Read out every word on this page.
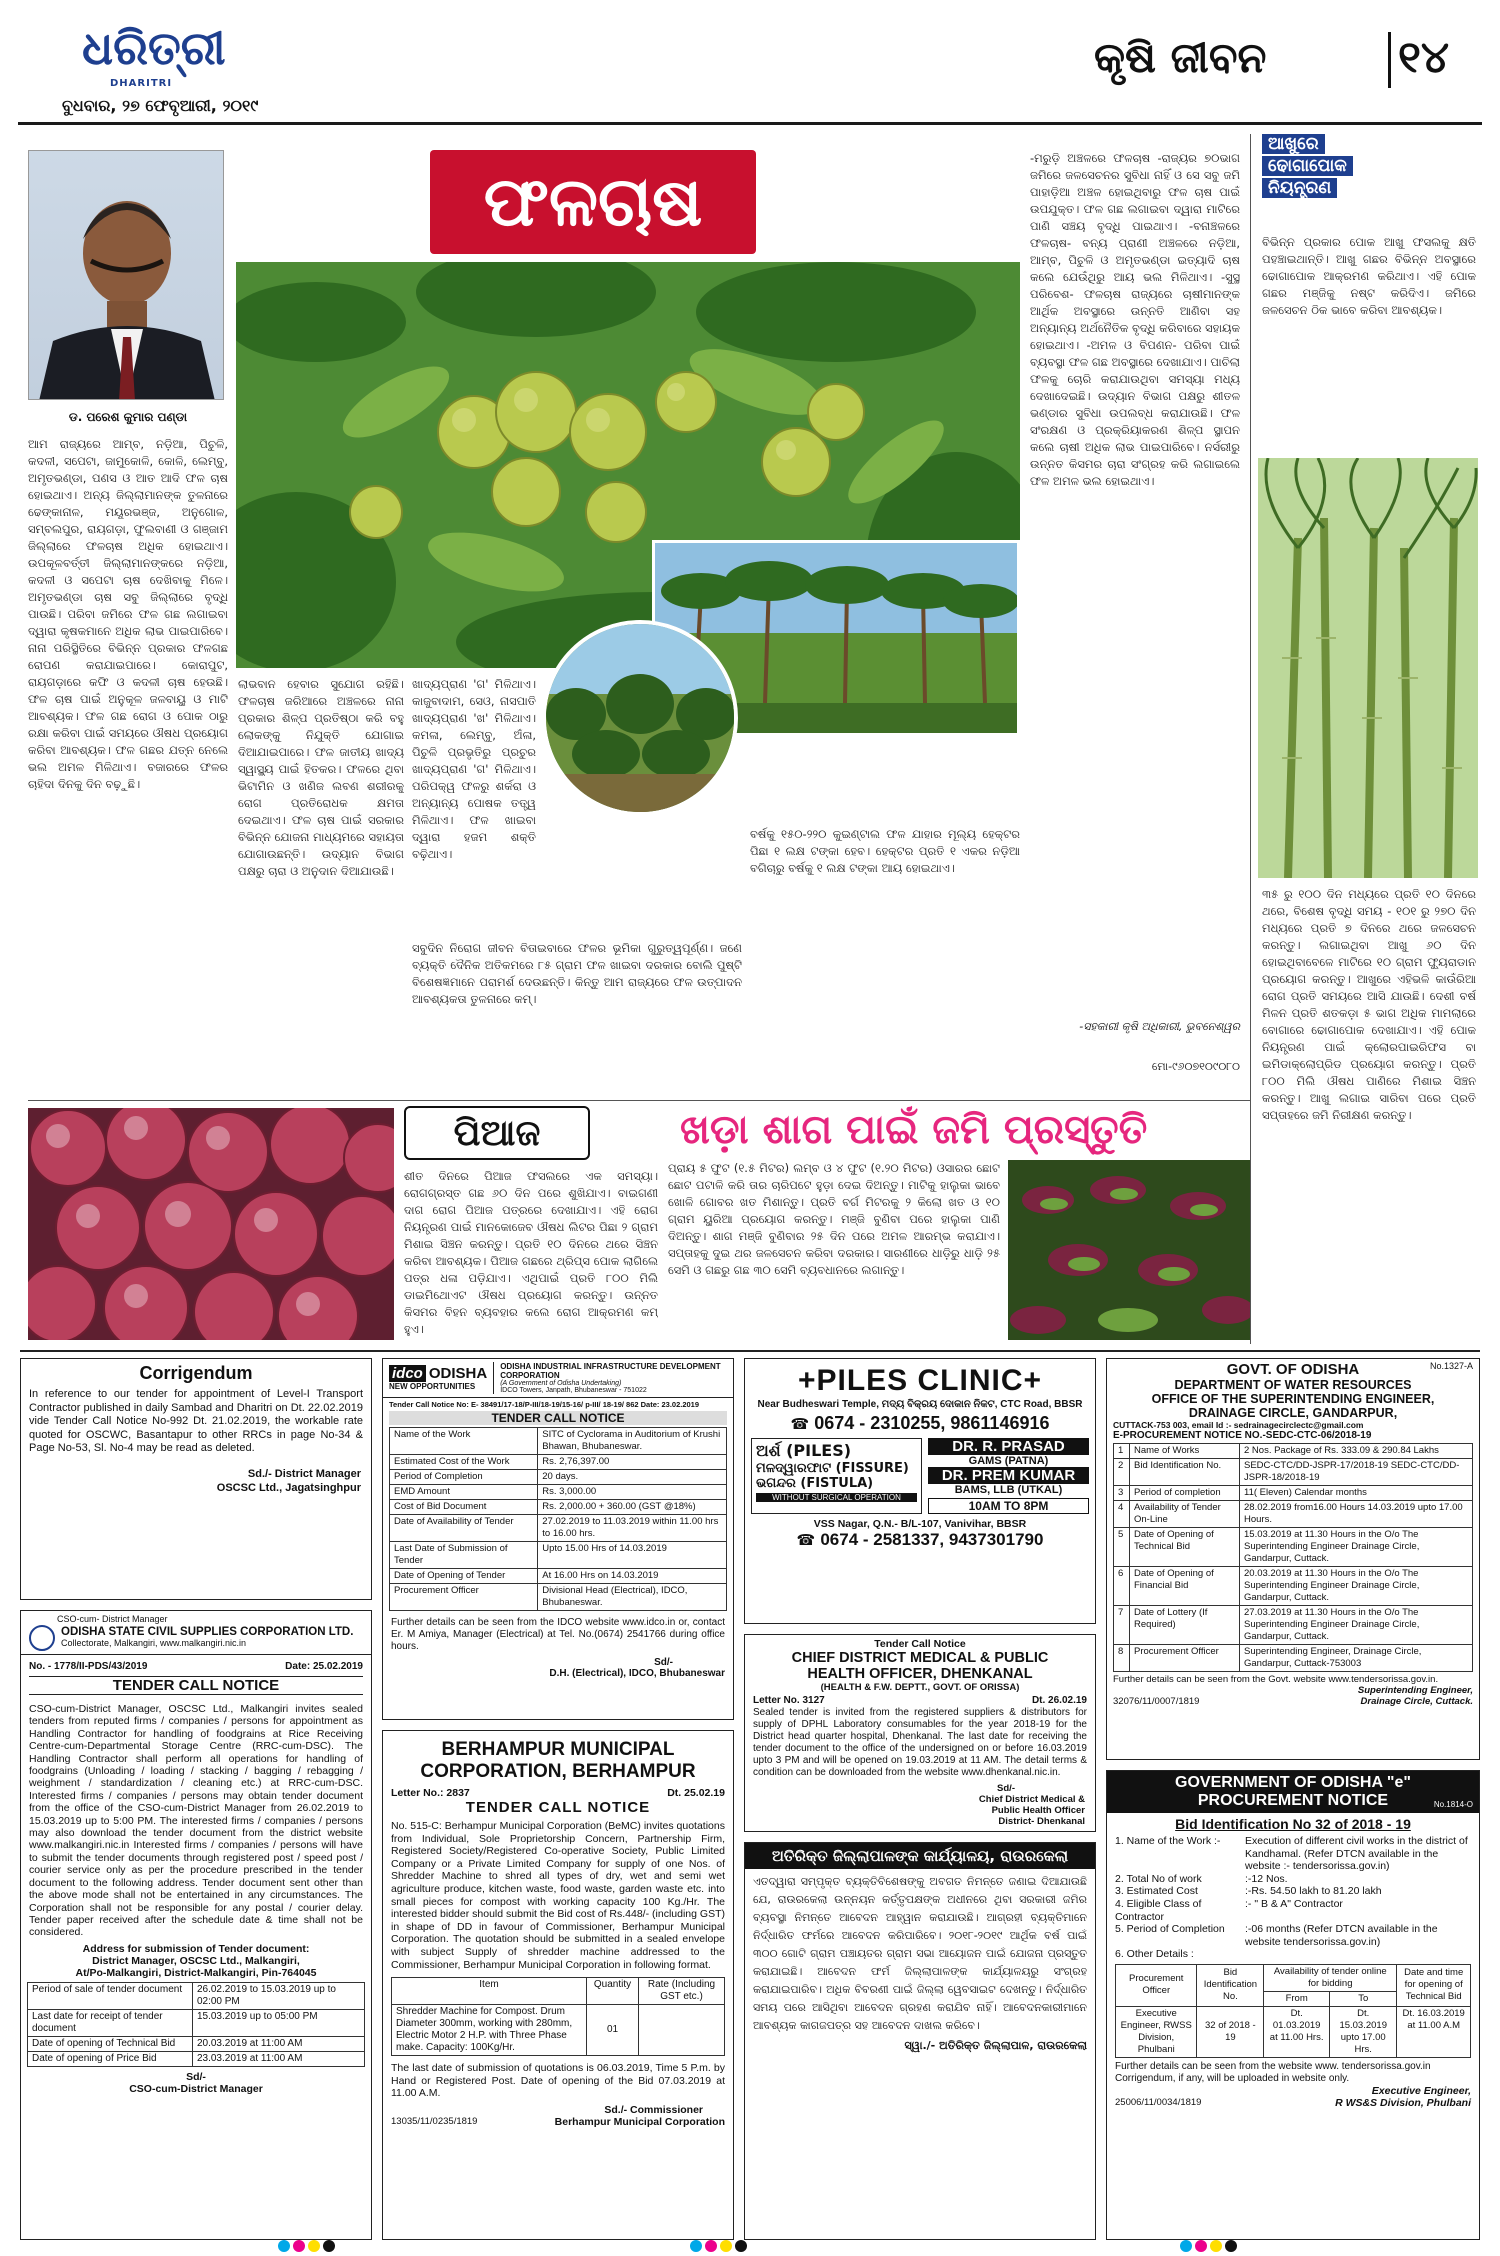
ଧରିତ୍ରୀ
DHARITRI
ବୁଧବାର, ୨୭ ଫେବୃଆରୀ, ୨୦୧୯
କୃଷି ଜୀବନ	୧୪
ଡ. ପରେଶ କୁମାର ପଣ୍ଡା
ଫଳଚାଷ
ଆମ ରାଜ୍ୟରେ ଆମ୍ବ, ନଡ଼ିଆ, ପିଚୁଳି, କଦଳୀ, ସପେଟା, ଜାମୁକୋଳି, କୋଳି, ଲେମ୍ବୁ, ଅମୃତଭଣ୍ଡା, ପଣସ ଓ ଆତ ଆଦି ଫଳ ଚାଷ ହୋଇଥାଏ। ଅନ୍ୟ ଜିଲ୍ଲାମାନଙ୍କ ତୁଳନାରେ ଢେଙ୍କାନାଳ, ମୟୂରଭଞ୍ଜ, ଅନୁଗୋଳ, ସମ୍ବଲପୁର, ରାୟଗଡ଼ା, ଫୁଲବାଣୀ ଓ ଗଞ୍ଜାମ ଜିଲ୍ଲାରେ ଫଳଚାଷ ଅଧିକ ହୋଇଥାଏ। ଉପକୂଳବର୍ତ୍ତୀ ଜିଲ୍ଲାମାନଙ୍କରେ ନଡ଼ିଆ, କଦଳୀ ଓ ସପେଟା ଚାଷ ଦେଖିବାକୁ ମିଳେ। ଅମୃତଭଣ୍ଡା ଚାଷ ସବୁ ଜିଲ୍ଲାରେ ବୃଦ୍ଧି ପାଉଛି। ପରିବା ଜମିରେ ଫଳ ଗଛ ଲଗାଇବା ଦ୍ୱାରା କୃଷକମାନେ ଅଧିକ ଲାଭ ପାଇପାରିବେ। ନାନା ପରିସ୍ଥିତିରେ ବିଭିନ୍ନ ପ୍ରକାର ଫଳଗଛ ରୋପଣ କରାଯାଇପାରେ। କୋରାପୁଟ, ରାୟଗଡ଼ାରେ କଫି ଓ କଦଳୀ ଚାଷ ହେଉଛି। ଫଳ ଚାଷ ପାଇଁ ଅନୁକୂଳ ଜଳବାୟୁ ଓ ମାଟି ଆବଶ୍ୟକ। ଫଳ ଗଛ ରୋଗ ଓ ପୋକ ଠାରୁ ରକ୍ଷା କରିବା ପାଇଁ ସମୟରେ ଔଷଧ ପ୍ରୟୋଗ କରିବା ଆବଶ୍ୟକ। ଫଳ ଗଛର ଯତ୍ନ ନେଲେ ଭଲ ଅମଳ ମିଳିଥାଏ। ବଜାରରେ ଫଳର ଚାହିଦା ଦିନକୁ ଦିନ ବଢ଼ୁଛି।
ଲାଭବାନ ହେବାର ସୁଯୋଗ ରହିଛି। ଫଳଚାଷ ଜରିଆରେ ଅଞ୍ଚଳରେ ନାନା ପ୍ରକାର ଶିଳ୍ପ ପ୍ରତିଷ୍ଠା କରି ବହୁ ଲୋକଙ୍କୁ ନିଯୁକ୍ତି ଯୋଗାଇ ଦିଆଯାଇପାରେ। ଫଳ ଜାତୀୟ ଖାଦ୍ୟ ସ୍ୱାସ୍ଥ୍ୟ ପାଇଁ ହିତକର। ଫଳରେ ଥିବା ଭିଟାମିନ ଓ ଖଣିଜ ଲବଣ ଶରୀରକୁ ରୋଗ ପ୍ରତିରୋଧକ କ୍ଷମତା ଦେଇଥାଏ। ଫଳ ଚାଷ ପାଇଁ ସରକାର ବିଭିନ୍ନ ଯୋଜନା ମାଧ୍ୟମରେ ସହାୟତା ଯୋଗାଉଛନ୍ତି। ଉଦ୍ୟାନ ବିଭାଗ ପକ୍ଷରୁ ଚାରା ଓ ଅନୁଦାନ ଦିଆଯାଉଛି।
ଖାଦ୍ୟପ୍ରାଣ 'ଗ' ମିଳିଥାଏ। କାଜୁବାଦାମ, ସେଓ, ନାସପାତି ଖାଦ୍ୟପ୍ରାଣ 'ଖ' ମିଳିଥାଏ। କମଳା, ଲେମ୍ବୁ, ଅଁଳା, ପିଚୁଳି ପ୍ରଭୃତିରୁ ପ୍ରଚୁର ଖାଦ୍ୟପ୍ରାଣ 'ଗ' ମିଳିଥାଏ। ପରିପକ୍ୱ ଫଳରୁ ଶର୍କରା ଓ ଅନ୍ୟାନ୍ୟ ପୋଷକ ତତ୍ତ୍ୱ ମିଳିଥାଏ। ଫଳ ଖାଇବା ଦ୍ୱାରା ହଜମ ଶକ୍ତି ବଢ଼ିଥାଏ।
ସବୁଦିନ ନିରୋଗ ଜୀବନ ବିତାଇବାରେ ଫଳର ଭୂମିକା ଗୁରୁତ୍ୱପୂର୍ଣ୍ଣ। ଜଣେ ବ୍ୟକ୍ତି ଦୈନିକ ଅତିକମରେ ୮୫ ଗ୍ରାମ ଫଳ ଖାଇବା ଦରକାର ବୋଲି ପୁଷ୍ଟି ବିଶେଷଜ୍ଞମାନେ ପରାମର୍ଶ ଦେଉଛନ୍ତି। କିନ୍ତୁ ଆମ ରାଜ୍ୟରେ ଫଳ ଉତ୍ପାଦନ ଆବଶ୍ୟକତା ତୁଳନାରେ କମ୍।
ବର୍ଷକୁ ୧୫୦-୨୨୦ କୁଇଣ୍ଟାଲ ଫଳ ଯାହାର ମୂଲ୍ୟ ହେକ୍ଟର ପିଛା ୧ ଲକ୍ଷ ଟଙ୍କା ହେବ। ହେକ୍ଟର ପ୍ରତି ୧ ଏକର ନଡ଼ିଆ ବଗିଚାରୁ ବର୍ଷକୁ ୧ ଲକ୍ଷ ଟଙ୍କା ଆୟ ହୋଇଥାଏ।
-ମରୁଡ଼ି ଅଞ୍ଚଳରେ ଫଳଚାଷ -ରାଜ୍ୟର ୭୦ଭାଗ ଜମିରେ ଜଳସେଚନର ସୁବିଧା ନାହିଁ ଓ ସେ ସବୁ ଜମି ପାହାଡ଼ିଆ ଅଞ୍ଚଳ ହୋଇଥିବାରୁ ଫଳ ଚାଷ ପାଇଁ ଉପଯୁକ୍ତ। ଫଳ ଗଛ ଲଗାଇବା ଦ୍ୱାରା ମାଟିରେ ପାଣି ସଞ୍ଚୟ ବୃଦ୍ଧି ପାଇଥାଏ। -ବନାଞ୍ଚଳରେ ଫଳଚାଷ- ବନ୍ୟ ପ୍ରାଣୀ ଅଞ୍ଚଳରେ ନଡ଼ିଆ, ଆମ୍ବ, ପିଚୁଳି ଓ ଅମୃତଭଣ୍ଡା ଇତ୍ୟାଦି ଚାଷ କଲେ ଯେଉଁଥିରୁ ଆୟ ଭଲ ମିଳିଥାଏ। -ସୁସ୍ଥ ପରିବେଶ- ଫଳଚାଷ ରାଜ୍ୟରେ ଚାଷୀମାନଙ୍କ ଆର୍ଥିକ ଅବସ୍ଥାରେ ଉନ୍ନତି ଆଣିବା ସହ ଅନ୍ୟାନ୍ୟ ଅର୍ଥନୈତିକ ବୃଦ୍ଧି କରିବାରେ ସହାୟକ ହୋଇଥାଏ। -ଅମଳ ଓ ବିପଣନ- ପରିବା ପାଇଁ ବ୍ୟବସ୍ଥା ଫଳ ଗଛ ଅବସ୍ଥାରେ ଦେଖାଯାଏ। ପାଚିଲା ଫଳକୁ ଚୋରି କରାଯାଉଥିବା ସମସ୍ୟା ମଧ୍ୟ ଦେଖାଦେଇଛି। ଉଦ୍ୟାନ ବିଭାଗ ପକ୍ଷରୁ ଶୀତଳ ଭଣ୍ଡାର ସୁବିଧା ଉପଲବ୍ଧ କରାଯାଉଛି। ଫଳ ସଂରକ୍ଷଣ ଓ ପ୍ରକ୍ରିୟାକରଣ ଶିଳ୍ପ ସ୍ଥାପନ କଲେ ଚାଷୀ ଅଧିକ ଲାଭ ପାଇପାରିବେ। ନର୍ସରୀରୁ ଉନ୍ନତ କିସମର ଚାରା ସଂଗ୍ରହ କରି ଲଗାଇଲେ ଫଳ ଅମଳ ଭଲ ହୋଇଥାଏ।
-ସହକାରୀ କୃଷି ଅଧିକାରୀ, ଭୁବନେଶ୍ୱର
ମୋ-୯୬୦୭୧୦୯୦୮୦
ଆଖୁରେ ଢୋଗାପୋକ ନିୟନ୍ତ୍ରଣ
ବିଭିନ୍ନ ପ୍ରକାର ପୋକ ଆଖୁ ଫସଲକୁ କ୍ଷତି ପହଞ୍ଚାଇଥାନ୍ତି। ଆଖୁ ଗଛର ବିଭିନ୍ନ ଅବସ୍ଥାରେ ଢୋଗାପୋକ ଆକ୍ରମଣ କରିଥାଏ। ଏହି ପୋକ ଗଛର ମଞ୍ଜିକୁ ନଷ୍ଟ କରିଦିଏ। ଜମିରେ ଜଳସେଚନ ଠିକ ଭାବେ କରିବା ଆବଶ୍ୟକ।
୩୫ ରୁ ୧୦୦ ଦିନ ମଧ୍ୟରେ ପ୍ରତି ୧୦ ଦିନରେ ଥରେ, ବିଶେଷ ବୃଦ୍ଧି ସମୟ - ୧୦୧ ରୁ ୨୭୦ ଦିନ ମଧ୍ୟରେ ପ୍ରତି ୭ ଦିନରେ ଥରେ ଜଳସେଚନ କରନ୍ତୁ। ଲଗାଇଥିବା ଆଖୁ ୬୦ ଦିନ ହୋଇଥିବାବେଳେ ମାଟିରେ ୧୦ ଗ୍ରାମ ଫ୍ୟୁରାଡାନ ପ୍ରୟୋଗ କରନ୍ତୁ। ଆଖୁରେ ଏହିଭଳି କାଉଁରିଆ ରୋଗ ପ୍ରତି ସମୟରେ ଆସି ଯାଉଛି। ଦେଶୀ ବର୍ଷ ମିଳନ ପ୍ରତି ଶତକଡ଼ା ୫ ଭାଗ ଅଧିକ ମାମଲାରେ ବୋଗାରେ ଢୋଗାପୋକ ଦେଖାଯାଏ। ଏହି ପୋକ ନିୟନ୍ତ୍ରଣ ପାଇଁ କ୍ଲୋରପାଇରିଫସ ବା ଇମିଡାକ୍ଲୋପ୍ରିଡ ପ୍ରୟୋଗ କରନ୍ତୁ। ପ୍ରତି ୮୦୦ ମିଲି ଔଷଧ ପାଣିରେ ମିଶାଇ ସିଞ୍ଚନ କରନ୍ତୁ। ଆଖୁ ଲଗାଇ ସାରିବା ପରେ ପ୍ରତି ସପ୍ତାହରେ ଜମି ନିରୀକ୍ଷଣ କରନ୍ତୁ।
ପିଆଜ
ଶୀତ ଦିନରେ ପିଆଜ ଫସଲରେ ଏକ ସମସ୍ୟା। ରୋଗଗ୍ରସ୍ତ ଗଛ ୬୦ ଦିନ ପରେ ଶୁଖିଯାଏ। ବାଇଗଣୀ ଦାଗ ରୋଗ ପିଆଜ ପତ୍ରରେ ଦେଖାଯାଏ। ଏହି ରୋଗ ନିୟନ୍ତ୍ରଣ ପାଇଁ ମାନକୋଜେବ ଔଷଧ ଲିଟର ପିଛା ୨ ଗ୍ରାମ ମିଶାଇ ସିଞ୍ଚନ କରନ୍ତୁ। ପ୍ରତି ୧୦ ଦିନରେ ଥରେ ସିଞ୍ଚନ କରିବା ଆବଶ୍ୟକ। ପିଆଜ ଗଛରେ ଥ୍ରିପ୍ସ ପୋକ ଲାଗିଲେ ପତ୍ର ଧଳା ପଡ଼ିଯାଏ। ଏଥିପାଇଁ ପ୍ରତି ୮୦୦ ମିଲି ଡାଇମିଥୋଏଟ ଔଷଧ ପ୍ରୟୋଗ କରନ୍ତୁ। ଉନ୍ନତ କିସମର ବିହନ ବ୍ୟବହାର କଲେ ରୋଗ ଆକ୍ରମଣ କମ୍ ହୁଏ।
ଖଡ଼ା ଶାଗ ପାଇଁ ଜମି ପ୍ରସ୍ତୁତି
ପ୍ରାୟ ୫ ଫୁଟ (୧.୫ ମିଟର) ଲମ୍ବ ଓ ୪ ଫୁଟ (୧.୨୦ ମିଟର) ଓସାରର ଛୋଟ ଛୋଟ ପଟାଳି କରି ତାର ଚାରିପଟେ ହୁଡ଼ା ଦେଇ ଦିଅନ୍ତୁ। ମାଟିକୁ ହାଲୁକା ଭାବେ ଖୋଳି ଗୋବର ଖତ ମିଶାନ୍ତୁ। ପ୍ରତି ବର୍ଗ ମିଟରକୁ ୨ କିଲୋ ଖତ ଓ ୧୦ ଗ୍ରାମ ୟୁରିଆ ପ୍ରୟୋଗ କରନ୍ତୁ। ମଞ୍ଜି ବୁଣିବା ପରେ ହାଲୁକା ପାଣି ଦିଅନ୍ତୁ। ଶାଗ ମଞ୍ଜି ବୁଣିବାର ୨୫ ଦିନ ପରେ ଅମଳ ଆରମ୍ଭ କରାଯାଏ। ସପ୍ତାହକୁ ଦୁଇ ଥର ଜଳସେଚନ କରିବା ଦରକାର। ସାରଣୀରେ ଧାଡ଼ିରୁ ଧାଡ଼ି ୨୫ ସେମି ଓ ଗଛରୁ ଗଛ ୩୦ ସେମି ବ୍ୟବଧାନରେ ଲଗାନ୍ତୁ।
Corrigendum
In reference to our tender for appointment of Level-I Transport Contractor published in daily Sambad and Dharitri on Dt. 22.02.2019 vide Tender Call Notice No-992 Dt. 21.02.2019, the workable rate quoted for OSCWC, Basantapur to other RRCs in page No-34 & Page No-53, Sl. No-4 may be read as deleted.
Sd./- District Manager
OSCSC Ltd., Jagatsinghpur
CSO-cum- District Manager
ODISHA STATE CIVIL SUPPLIES CORPORATION LTD.
Collectorate, Malkangiri, www.malkangiri.nic.in
No. - 1778/II-PDS/43/2019	Date: 25.02.2019
TENDER CALL NOTICE
CSO-cum-District Manager, OSCSC Ltd., Malkangiri invites sealed tenders from reputed firms / companies / persons for appointment as Handling Contractor for handling of foodgrains at Rice Receiving Centre-cum-Departmental Storage Centre (RRC-cum-DSC). The Handling Contractor shall perform all operations for handling of foodgrains (Unloading / loading / stacking / bagging / rebagging / weighment / standardization / cleaning etc.) at RRC-cum-DSC. Interested firms / companies / persons may obtain tender document from the office of the CSO-cum-District Manager from 26.02.2019 to 15.03.2019 up to 5:00 PM. The interested firms / companies / persons may also download the tender document from the district website www.malkangiri.nic.in Interested firms / companies / persons will have to submit the tender documents through registered post / speed post / courier service only as per the procedure prescribed in the tender document to the following address. Tender document sent other than the above mode shall not be entertained in any circumstances. The Corporation shall not be responsible for any postal / courier delay. Tender paper received after the schedule date & time shall not be considered.
Address for submission of Tender document:
District Manager, OSCSC Ltd., Malkangiri,
At/Po-Malkangiri, District-Malkangiri, Pin-764045
Period of sale of tender document	26.02.2019 to 15.03.2019 up to 02:00 PM
Last date for receipt of tender document	15.03.2019 up to 05:00 PM
Date of opening of Technical Bid	20.03.2019 at 11:00 AM
Date of opening of Price Bid	23.03.2019 at 11:00 AM
Sd/-
CSO-cum-District Manager
idco ODISHA
NEW OPPORTUNITIES
ODISHA INDUSTRIAL INFRASTRUCTURE DEVELOPMENT CORPORATION
(A Government of Odisha Undertaking)
IDCO Towers, Janpath, Bhubaneswar - 751022
Tender Call Notice No: E- 38491/17-18/P-III/18-19/15-16/ p-III/ 18-19/ 862 Date: 23.02.2019
TENDER CALL NOTICE
Name of the Work	SITC of Cyclorama in Auditorium of Krushi Bhawan, Bhubaneswar.
Estimated Cost of the Work	Rs. 2,76,397.00
Period of Completion	20 days.
EMD Amount	Rs. 3,000.00
Cost of Bid Document	Rs. 2,000.00 + 360.00 (GST @18%)
Date of Availability of Tender	27.02.2019 to 11.03.2019 within 11.00 hrs to 16.00 hrs.
Last Date of Submission of Tender	Upto 15.00 Hrs of 14.03.2019
Date of Opening of Tender	At 16.00 Hrs on 14.03.2019
Procurement Officer	Divisional Head (Electrical), IDCO, Bhubaneswar.
Further details can be seen from the IDCO website www.idco.in or, contact Er. M Amiya, Manager (Electrical) at Tel. No.(0674) 2541766 during office hours.
Sd/-
D.H. (Electrical), IDCO, Bhubaneswar
BERHAMPUR MUNICIPAL
CORPORATION, BERHAMPUR
Letter No.: 2837	Dt. 25.02.19
TENDER CALL NOTICE
No. 515-C: Berhampur Municipal Corporation (BeMC) invites quotations from Individual, Sole Proprietorship Concern, Partnership Firm, Registered Society/Registered Co-operative Society, Public Limited Company or a Private Limited Company for supply of one Nos. of Shredder Machine to shred all types of dry, wet and semi wet agriculture produce, kitchen waste, food waste, garden waste etc. into small pieces for compost with working capacity 100 Kg./Hr. The interested bidder should submit the Bid cost of Rs.448/- (including GST) in shape of DD in favour of Commissioner, Berhampur Municipal Corporation. The quotation should be submitted in a sealed envelope with subject Supply of shredder machine addressed to the Commissioner, Berhampur Municipal Corporation in following format.
Item	Quantity	Rate (Including GST etc.)
Shredder Machine for Compost. Drum Diameter 300mm, working with 280mm, Electric Motor 2 H.P. with Three Phase make. Capacity: 100Kg/Hr.	01	
The last date of submission of quotations is 06.03.2019, Time 5 P.m. by Hand or Registered Post. Date of opening of the Bid 07.03.2019 at 11.00 A.M.
Sd./- Commissioner
13035/11/0235/1819	Berhampur Municipal Corporation
+PILES CLINIC+
Near Budheswari Temple, ମଦ୍ୟ ବିକ୍ରୟ ଦୋକାନ ନିକଟ, CTC Road, BBSR
☎ 0674 - 2310255, 9861146916
ଅର୍ଶ (PILES)
ମଳଦ୍ୱାରଫାଟ (FISSURE)
ଭଗନ୍ଦର (FISTULA)
WITHOUT SURGICAL OPERATION
DR. R. PRASAD
GAMS (PATNA)
DR. PREM KUMAR
BAMS, LLB (UTKAL)
10AM TO 8PM
VSS Nagar, Q.N.- B/L-107, Vanivihar, BBSR
☎ 0674 - 2581337, 9437301790
Tender Call Notice
CHIEF DISTRICT MEDICAL & PUBLIC
HEALTH OFFICER, DHENKANAL
(HEALTH & F.W. DEPTT., GOVT. OF ORISSA)
Letter No. 3127	Dt. 26.02.19
Sealed tender is invited from the registered suppliers & distributors for supply of DPHL Laboratory consumables for the year 2018-19 for the District head quarter hospital, Dhenkanal. The last date for receiving the tender document to the office of the undersigned on or before 16.03.2019 upto 3 PM and will be opened on 19.03.2019 at 11 AM. The detail terms & condition can be downloaded from the website www.dhenkanal.nic.in.
Sd/-
Chief District Medical &
Public Health Officer
District- Dhenkanal
ଅତିରିକ୍ତ ଜିଲ୍ଲାପାଳଙ୍କ କାର୍ଯ୍ୟାଳୟ, ରାଉରକେଲା
ଏତଦ୍ୱାରା ସମ୍ପୃକ୍ତ ବ୍ୟକ୍ତିବିଶେଷଙ୍କୁ ଅବଗତ ନିମନ୍ତେ ଜଣାଇ ଦିଆଯାଉଛି ଯେ, ରାଉରକେଲା ଉନ୍ନୟନ କର୍ତ୍ତୃପକ୍ଷଙ୍କ ଅଧୀନରେ ଥିବା ସରକାରୀ ଜମିର ବ୍ୟବସ୍ଥା ନିମନ୍ତେ ଆବେଦନ ଆହ୍ୱାନ କରାଯାଉଛି। ଆଗ୍ରହୀ ବ୍ୟକ୍ତିମାନେ ନିର୍ଦ୍ଧାରିତ ଫର୍ମରେ ଆବେଦନ କରିପାରିବେ। ୨୦୧୮-୨୦୧୯ ଆର୍ଥିକ ବର୍ଷ ପାଇଁ ୩୦୦ ଗୋଟି ଗ୍ରାମ ପଞ୍ଚାୟତର ଗ୍ରାମ ସଭା ଆୟୋଜନ ପାଇଁ ଯୋଜନା ପ୍ରସ୍ତୁତ କରାଯାଇଛି। ଆବେଦନ ଫର୍ମ ଜିଲ୍ଲାପାଳଙ୍କ କାର୍ଯ୍ୟାଳୟରୁ ସଂଗ୍ରହ କରାଯାଇପାରିବ। ଅଧିକ ବିବରଣୀ ପାଇଁ ଜିଲ୍ଲା ୱେବସାଇଟ ଦେଖନ୍ତୁ। ନିର୍ଦ୍ଧାରିତ ସମୟ ପରେ ଆସିଥିବା ଆବେଦନ ଗ୍ରହଣ କରାଯିବ ନାହିଁ। ଆବେଦନକାରୀମାନେ ଆବଶ୍ୟକ କାଗଜପତ୍ର ସହ ଆବେଦନ ଦାଖଲ କରିବେ।
ସ୍ୱା./- ଅତିରିକ୍ତ ଜିଲ୍ଲାପାଳ, ରାଉରକେଲା
No.1327-A
GOVT. OF ODISHA
DEPARTMENT OF WATER RESOURCES
OFFICE OF THE SUPERINTENDING ENGINEER,
DRAINAGE CIRCLE, GANDARPUR,
CUTTACK-753 003, email Id :- sedrainagecirclectc@gmail.com
E-PROCUREMENT NOTICE NO.-SEDC-CTC-06/2018-19
1	Name of Works	2 Nos. Package of Rs. 333.09 & 290.84 Lakhs
2	Bid Identification No.	SEDC-CTC/DD-JSPR-17/2018-19 SEDC-CTC/DD-JSPR-18/2018-19
3	Period of completion	11( Eleven) Calendar months
4	Availability of Tender On-Line	28.02.2019 from16.00 Hours 14.03.2019 upto 17.00 Hours.
5	Date of Opening of Technical Bid	15.03.2019 at 11.30 Hours in the O/o The Superintending Engineer Drainage Circle, Gandarpur, Cuttack.
6	Date of Opening of Financial Bid	20.03.2019 at 11.30 Hours in the O/o The Superintending Engineer Drainage Circle, Gandarpur, Cuttack.
7	Date of Lottery (If Required)	27.03.2019 at 11.30 Hours in the O/o The Superintending Engineer Drainage Circle, Gandarpur, Cuttack.
8	Procurement Officer	Superintending Engineer, Drainage Circle, Gandarpur, Cuttack-753003
Further details can be seen from the Govt. website www.tendersorissa.gov.in.
Superintending Engineer,
32076/11/0007/1819	Drainage Circle, Cuttack.
GOVERNMENT OF ODISHA "e"
PROCUREMENT NOTICE	No.1814-O
Bid Identification No 32 of 2018 - 19
1. Name of the Work :-	Execution of different civil works in the district of Kandhamal. (Refer DTCN available in the website :- tendersorissa.gov.in)
2. Total No of work	:-12 Nos.
3. Estimated Cost	:-Rs. 54.50 lakh to 81.20 lakh
4. Eligible Class of Contractor
:- " B & A" Contractor
5. Period of Completion	:-06 months (Refer DTCN available in the website tendersorissa.gov.in)
6. Other Details :
Procurement Officer	Bid Identification No.	Availability of tender online for bidding		Date and time for opening of Technical Bid
		From	To	
Executive Engineer, RWSS Division, Phulbani	32 of 2018 - 19	Dt. 01.03.2019 at 11.00 Hrs.	Dt. 15.03.2019 upto 17.00 Hrs.	Dt. 16.03.2019 at 11.00 A.M
Further details can be seen from the website www. tendersorissa.gov.in Corrigendum, if any, will be uploaded in website only.
Executive Engineer,
25006/11/0034/1819	R WS&S Division, Phulbani
